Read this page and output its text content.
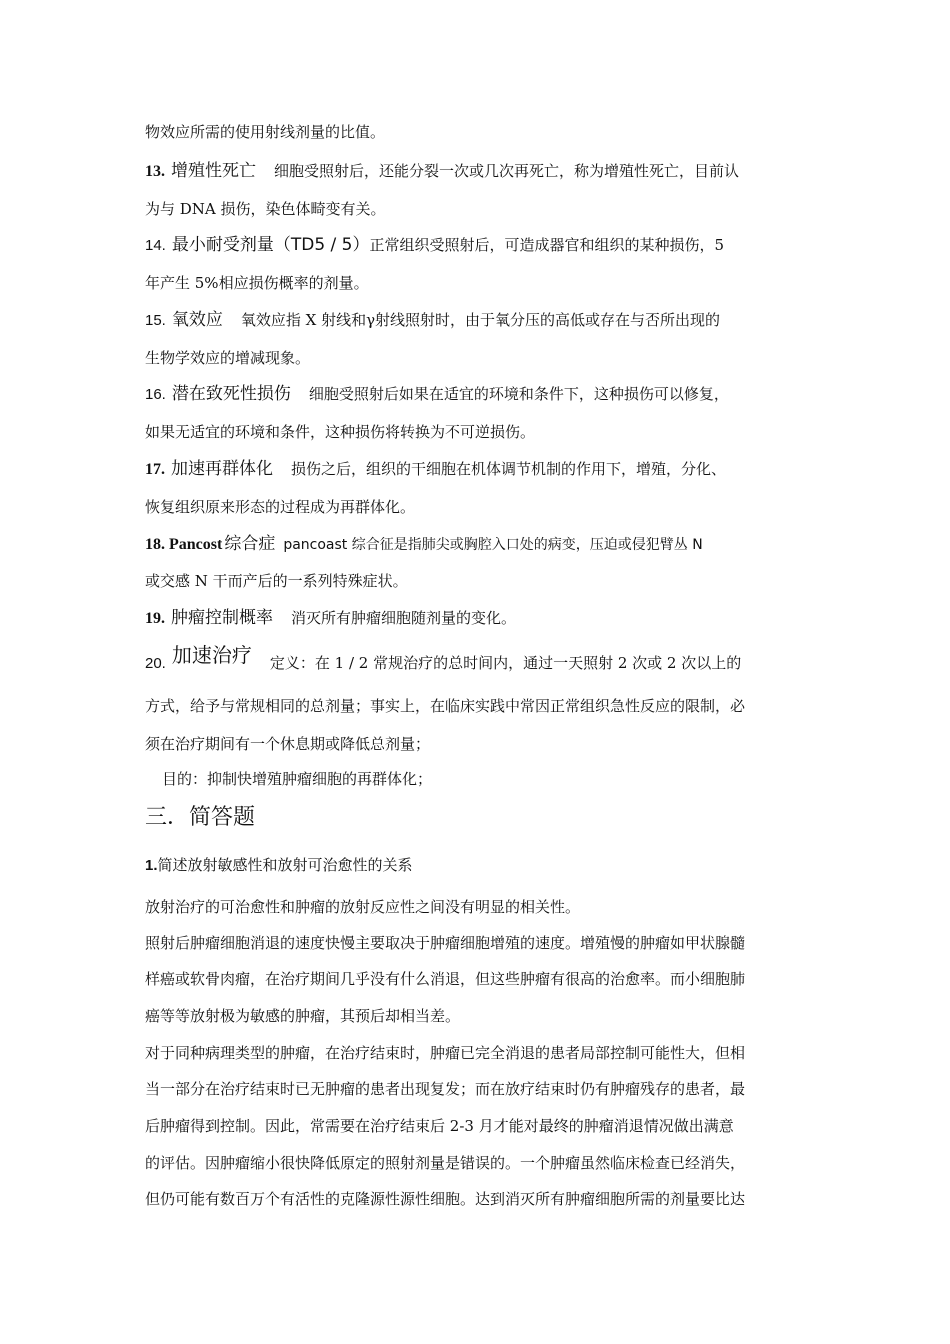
物效应所需的使用射线剂量的比值。
13. 增殖性死亡 细胞受照射后，还能分裂一次或几次再死亡，称为增殖性死亡，目前认
为与 DNA 损伤，染色体畸变有关。
14. 最小耐受剂量（TD5 / 5）正常组织受照射后，可造成器官和组织的某种损伤，5
年产生 5%相应损伤概率的剂量。
15. 氧效应 氧效应指 X 射线和γ射线照射时，由于氧分压的高低或存在与否所出现的
生物学效应的增减现象。
16. 潜在致死性损伤 细胞受照射后如果在适宜的环境和条件下，这种损伤可以修复，
如果无适宜的环境和条件，这种损伤将转换为不可逆损伤。
17. 加速再群体化 损伤之后，组织的干细胞在机体调节机制的作用下，增殖，分化、
恢复组织原来形态的过程成为再群体化。
18. Pancost 综合症 pancoast 综合征是指肺尖或胸腔入口处的病变，压迫或侵犯臂丛 N
或交感 N 干而产后的一系列特殊症状。
19. 肿瘤控制概率 消灭所有肿瘤细胞随剂量的变化。
20. 加速治疗 定义：在 1 / 2 常规治疗的总时间内，通过一天照射 2 次或 2 次以上的
方式，给予与常规相同的总剂量；事实上，在临床实践中常因正常组织急性反应的限制，必
须在治疗期间有一个休息期或降低总剂量；
目的：抑制快增殖肿瘤细胞的再群体化；
三．简答题
1.简述放射敏感性和放射可治愈性的关系
放射治疗的可治愈性和肿瘤的放射反应性之间没有明显的相关性。
照射后肿瘤细胞消退的速度快慢主要取决于肿瘤细胞增殖的速度。增殖慢的肿瘤如甲状腺髓
样癌或软骨肉瘤，在治疗期间几乎没有什么消退，但这些肿瘤有很高的治愈率。而小细胞肺
癌等等放射极为敏感的肿瘤，其预后却相当差。
对于同种病理类型的肿瘤，在治疗结束时，肿瘤已完全消退的患者局部控制可能性大，但相
当一部分在治疗结束时已无肿瘤的患者出现复发；而在放疗结束时仍有肿瘤残存的患者，最
后肿瘤得到控制。因此，常需要在治疗结束后 2-3 月才能对最终的肿瘤消退情况做出满意
的评估。因肿瘤缩小很快降低原定的照射剂量是错误的。一个肿瘤虽然临床检查已经消失，
但仍可能有数百万个有活性的克隆源性源性细胞。达到消灭所有肿瘤细胞所需的剂量要比达
